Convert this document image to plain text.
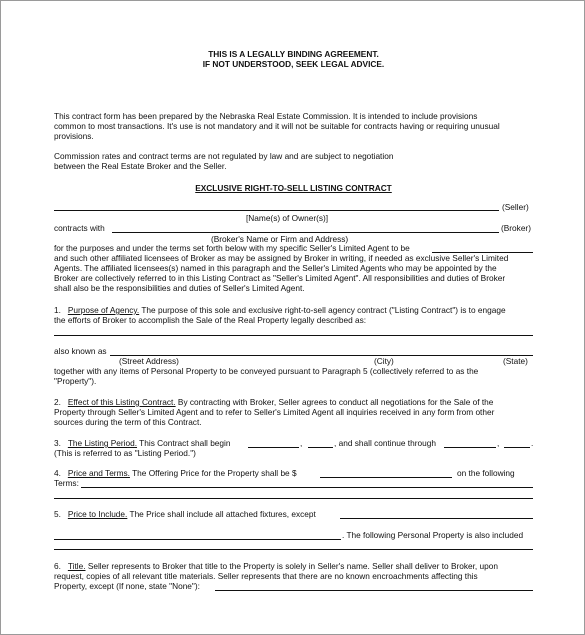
THIS IS A LEGALLY BINDING AGREEMENT.
IF NOT UNDERSTOOD, SEEK LEGAL ADVICE.
This contract form has been prepared by the Nebraska Real Estate Commission. It is intended to include provisions
common to most transactions. It's use is not mandatory and it will not be suitable for contracts having or requiring unusual
provisions.
Commission rates and contract terms are not regulated by law and are subject to negotiation
between the Real Estate Broker and the Seller.
EXCLUSIVE RIGHT-TO-SELL LISTING CONTRACT
(Seller)
[Name(s) of Owner(s)]
contracts with	(Broker)
(Broker's Name or Firm and Address)
for the purposes and under the terms set forth below with my specific Seller's Limited Agent to be
and such other affiliated licensees of Broker as may be assigned by Broker in writing, if needed as exclusive Seller's Limited
Agents. The affiliated licensees(s) named in this paragraph and the Seller's Limited Agents who may be appointed by the
Broker are collectively referred to in this Listing Contract as "Seller's Limited Agent". All responsibilities and duties of Broker
shall also be the responsibilities and duties of Seller's Limited Agent.
1. Purpose of Agency. The purpose of this sole and exclusive right-to-sell agency contract ("Listing Contract") is to engage
the efforts of Broker to accomplish the Sale of the Real Property legally described as:
also known as
(Street Address)	(City)	(State)
together with any items of Personal Property to be conveyed pursuant to Paragraph 5 (collectively referred to as the
"Property").
2. Effect of this Listing Contract. By contracting with Broker, Seller agrees to conduct all negotiations for the Sale of the
Property through Seller's Limited Agent and to refer to Seller's Limited Agent all inquiries received in any form from other
sources during the term of this Contract.
3. The Listing Period. This Contract shall begin	,	, and shall continue through	,	.
(This is referred to as "Listing Period.")
4. Price and Terms. The Offering Price for the Property shall be $	on the following
Terms:
5. Price to Include. The Price shall include all attached fixtures, except
. The following Personal Property is also included
6. Title. Seller represents to Broker that title to the Property is solely in Seller's name. Seller shall deliver to Broker, upon
request, copies of all relevant title materials. Seller represents that there are no known encroachments affecting this
Property, except (If none, state "None"):
